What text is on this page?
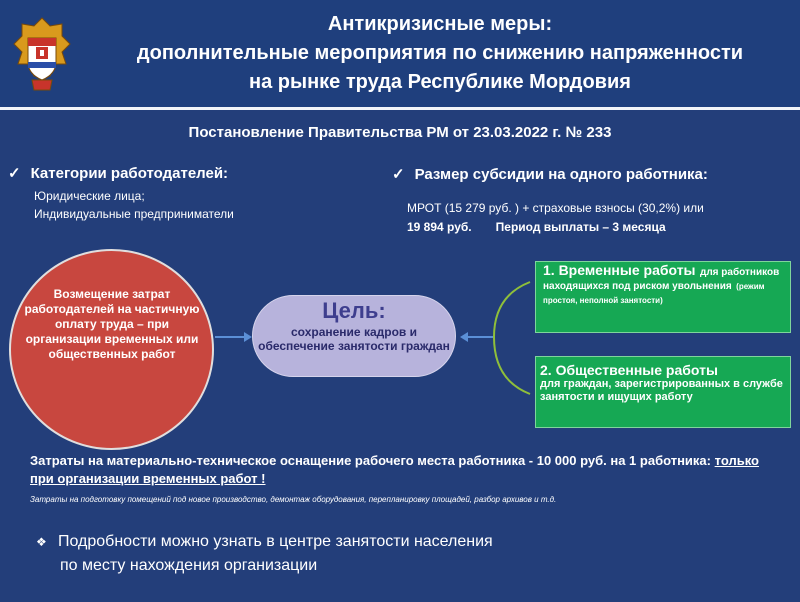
Антикризисные меры:
дополнительные мероприятия по снижению напряженности
на рынке труда Республике Мордовия
Постановление Правительства РМ от 23.03.2022 г. № 233
✓ Категории работодателей:
Юридические лица;
Индивидуальные предприниматели
✓ Размер субсидии на одного работника:
МРОТ (15 279 руб. ) + страховые взносы (30,2%) или
19 894 руб. Период выплаты – 3 месяца
Возмещение затрат работодателей на частичную оплату труда – при организации временных или общественных работ
Цель:
сохранение кадров и обеспечение занятости граждан
1. Временные работы для работников находящихся под риском увольнения (режим простоя, неполной занятости)
2. Общественные работы
для граждан, зарегистрированных в службе занятости и ищущих работу
Затраты на материально-техническое оснащение рабочего места работника - 10 000 руб. на 1 работника: только при организации временных работ !
Затраты на подготовку помещений под новое производство, демонтаж оборудования, перепланировку площадей, разбор архивов и т.д.
❖ Подробности можно узнать в центре занятости населения
по месту нахождения организации
